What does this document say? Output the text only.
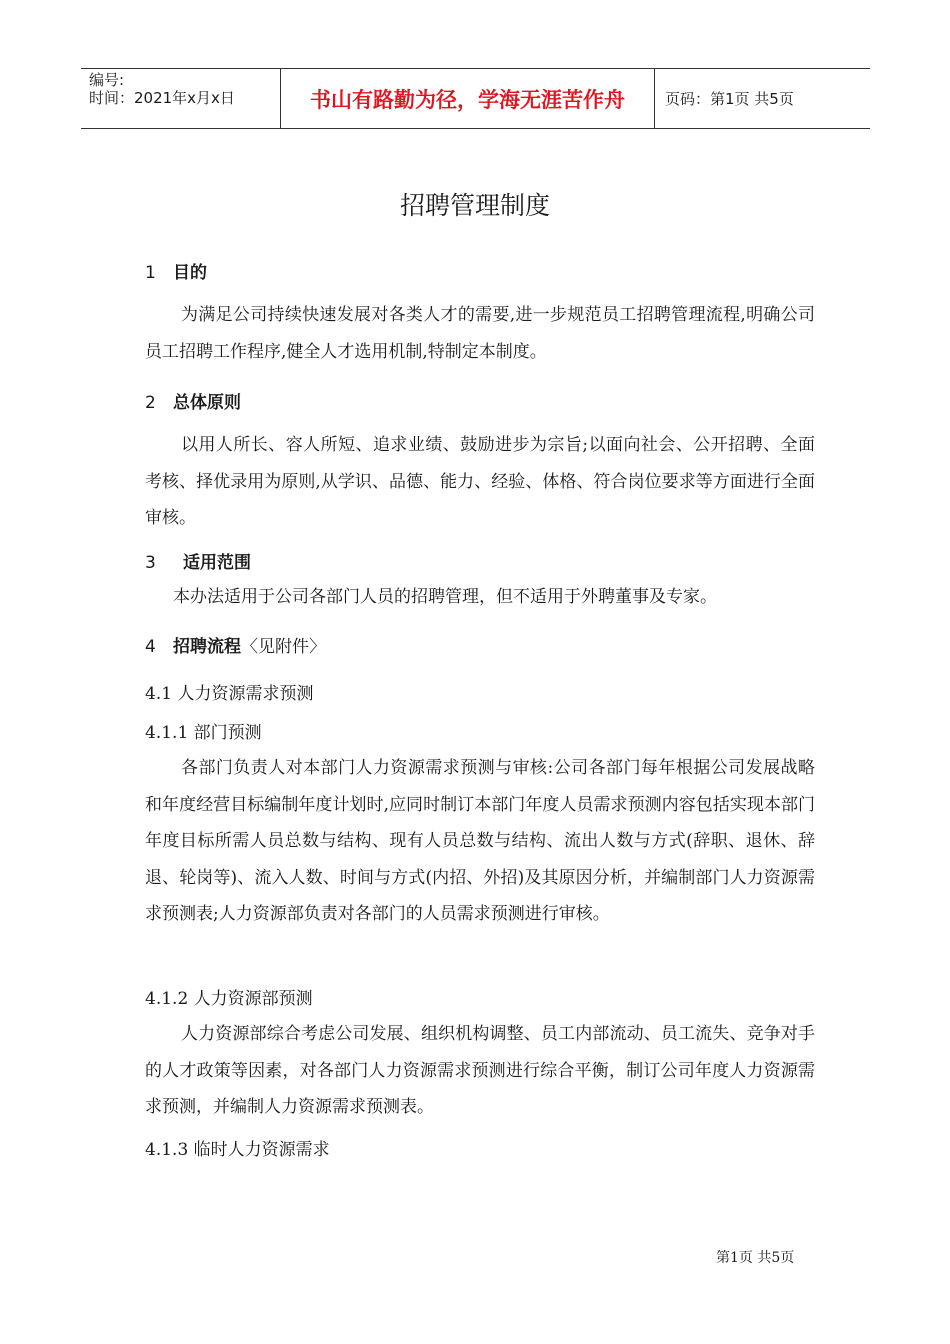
编号:
时间：2021年x月x日	书山有路勤为径，学海无涯苦作舟	页码：第1页 共5页
招聘管理制度
1 目的
为满足公司持续快速发展对各类人才的需要,进一步规范员工招聘管理流程,明确公司员工招聘工作程序,健全人才选用机制,特制定本制度。
2 总体原则
以用人所长、容人所短、追求业绩、鼓励进步为宗旨;以面向社会、公开招聘、全面考核、择优录用为原则,从学识、品德、能力、经验、体格、符合岗位要求等方面进行全面审核。
3 适用范围
本办法适用于公司各部门人员的招聘管理，但不适用于外聘董事及专家。
4 招聘流程〈见附件〉
4.1 人力资源需求预测
4.1.1 部门预测
各部门负责人对本部门人力资源需求预测与审核:公司各部门每年根据公司发展战略和年度经营目标编制年度计划时,应同时制订本部门年度人员需求预测内容包括实现本部门年度目标所需人员总数与结构、现有人员总数与结构、流出人数与方式(辞职、退休、辞退、轮岗等)、流入人数、时间与方式(内招、外招)及其原因分析，并编制部门人力资源需求预测表;人力资源部负责对各部门的人员需求预测进行审核。
4.1.2 人力资源部预测
人力资源部综合考虑公司发展、组织机构调整、员工内部流动、员工流失、竞争对手的人才政策等因素，对各部门人力资源需求预测进行综合平衡，制订公司年度人力资源需求预测，并编制人力资源需求预测表。
4.1.3 临时人力资源需求
第1页 共5页
